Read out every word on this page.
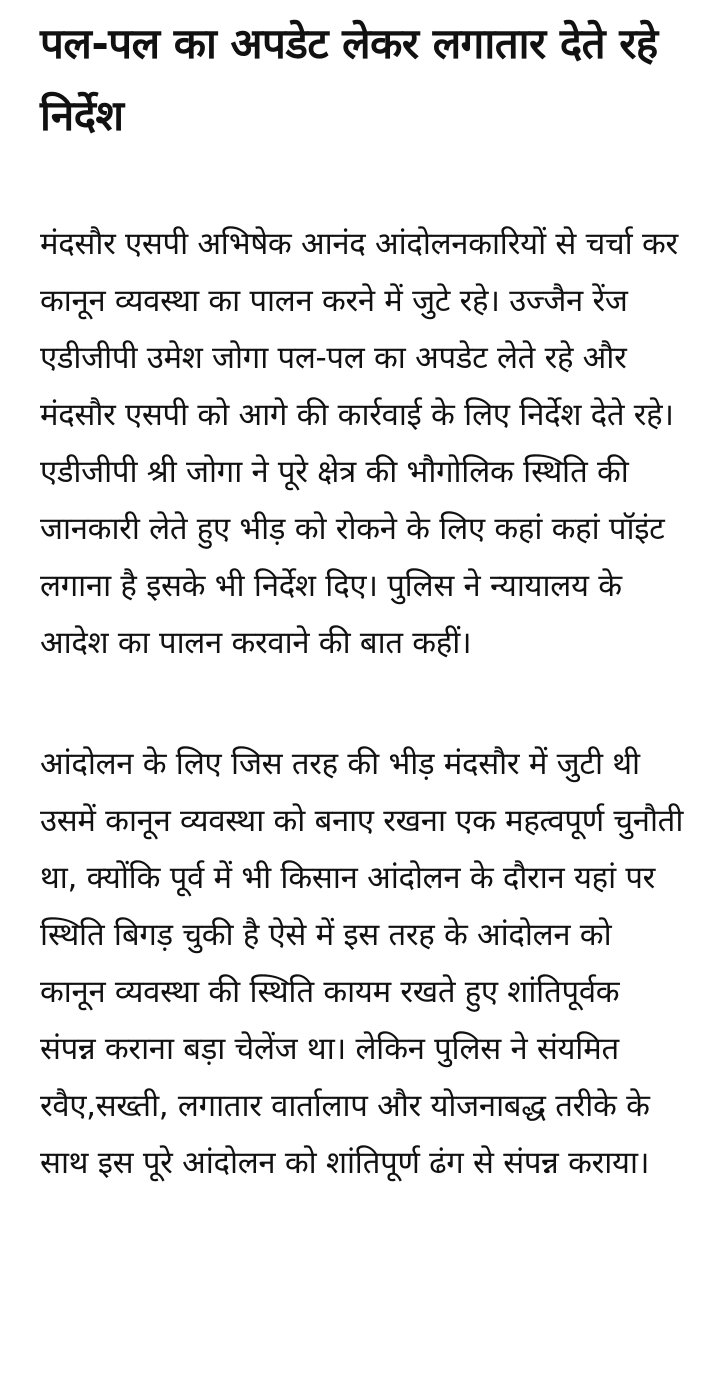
पल-पल का अपडेट लेकर लगातार देते रहे निर्देश

मंदसौर एसपी अभिषेक आनंद आंदोलनकारियों से चर्चा कर कानून व्यवस्था का पालन करने में जुटे रहे। उज्जैन रेंज एडीजीपी उमेश जोगा पल-पल का अपडेट लेते रहे और मंदसौर एसपी को आगे की कार्रवाई के लिए निर्देश देते रहे।एडीजीपी श्री जोगा ने पूरे क्षेत्र की भौगोलिक स्थिति की जानकारी लेते हुए भीड़ को रोकने के लिए कहां कहां पॉइंट लगाना है इसके भी निर्देश दिए। पुलिस ने न्यायालय के आदेश का पालन करवाने की बात कहीं।

आंदोलन के लिए जिस तरह की भीड़ मंदसौर में जुटी थी उसमें कानून व्यवस्था को बनाए रखना एक महत्वपूर्ण चुनौती था, क्योंकि पूर्व में भी किसान आंदोलन के दौरान यहां पर स्थिति बिगड़ चुकी है ऐसे में इस तरह के आंदोलन को कानून व्यवस्था की स्थिति कायम रखते हुए शांतिपूर्वक संपन्न कराना बड़ा चेलेंज था। लेकिन पुलिस ने संयमित रवैए,सख्ती, लगातार वार्तालाप और योजनाबद्ध तरीके के साथ इस पूरे आंदोलन को शांतिपूर्ण ढंग से संपन्न कराया।
